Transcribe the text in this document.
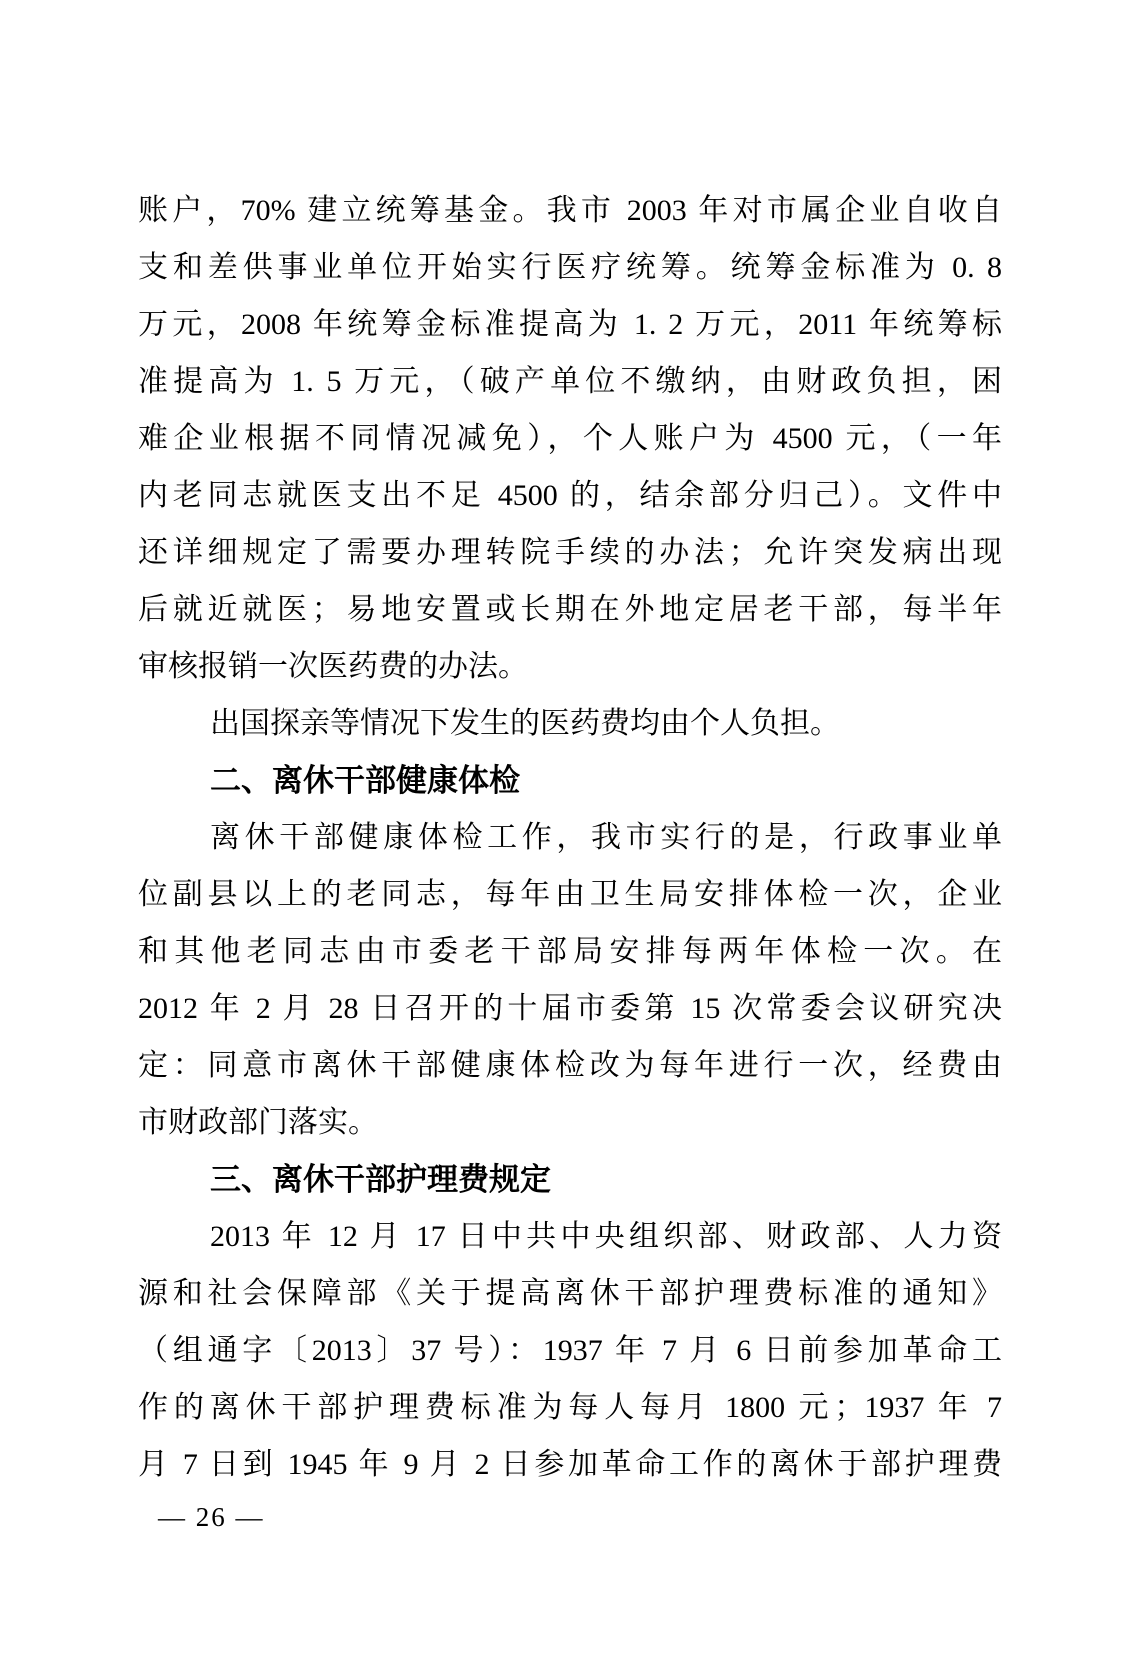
账户，70% 建立统筹基金。我市 2003 年对市属企业自收自
支和差供事业单位开始实行医疗统筹。统筹金标准为 0. 8
万元，2008 年统筹金标准提高为 1. 2 万元，2011 年统筹标
准提高为 1. 5 万元，（破产单位不缴纳，由财政负担，困
难企业根据不同情况减免），个人账户为 4500 元，（一年
内老同志就医支出不足 4500 的，结余部分归己）。文件中
还详细规定了需要办理转院手续的办法；允许突发病出现
后就近就医；易地安置或长期在外地定居老干部，每半年
审核报销一次医药费的办法。
出国探亲等情况下发生的医药费均由个人负担。
二、离休干部健康体检
离休干部健康体检工作，我市实行的是，行政事业单
位副县以上的老同志，每年由卫生局安排体检一次，企业
和其他老同志由市委老干部局安排每两年体检一次。在
2012 年 2 月 28 日召开的十届市委第 15 次常委会议研究决
定：同意市离休干部健康体检改为每年进行一次，经费由
市财政部门落实。
三、离休干部护理费规定
2013 年 12 月 17 日中共中央组织部、财政部、人力资
源和社会保障部《关于提高离休干部护理费标准的通知》
（组通字〔2013〕37 号）：1937 年 7 月 6 日前参加革命工
作的离休干部护理费标准为每人每月 1800 元；1937 年 7
月 7 日到 1945 年 9 月 2 日参加革命工作的离休于部护理费
— 26 —
